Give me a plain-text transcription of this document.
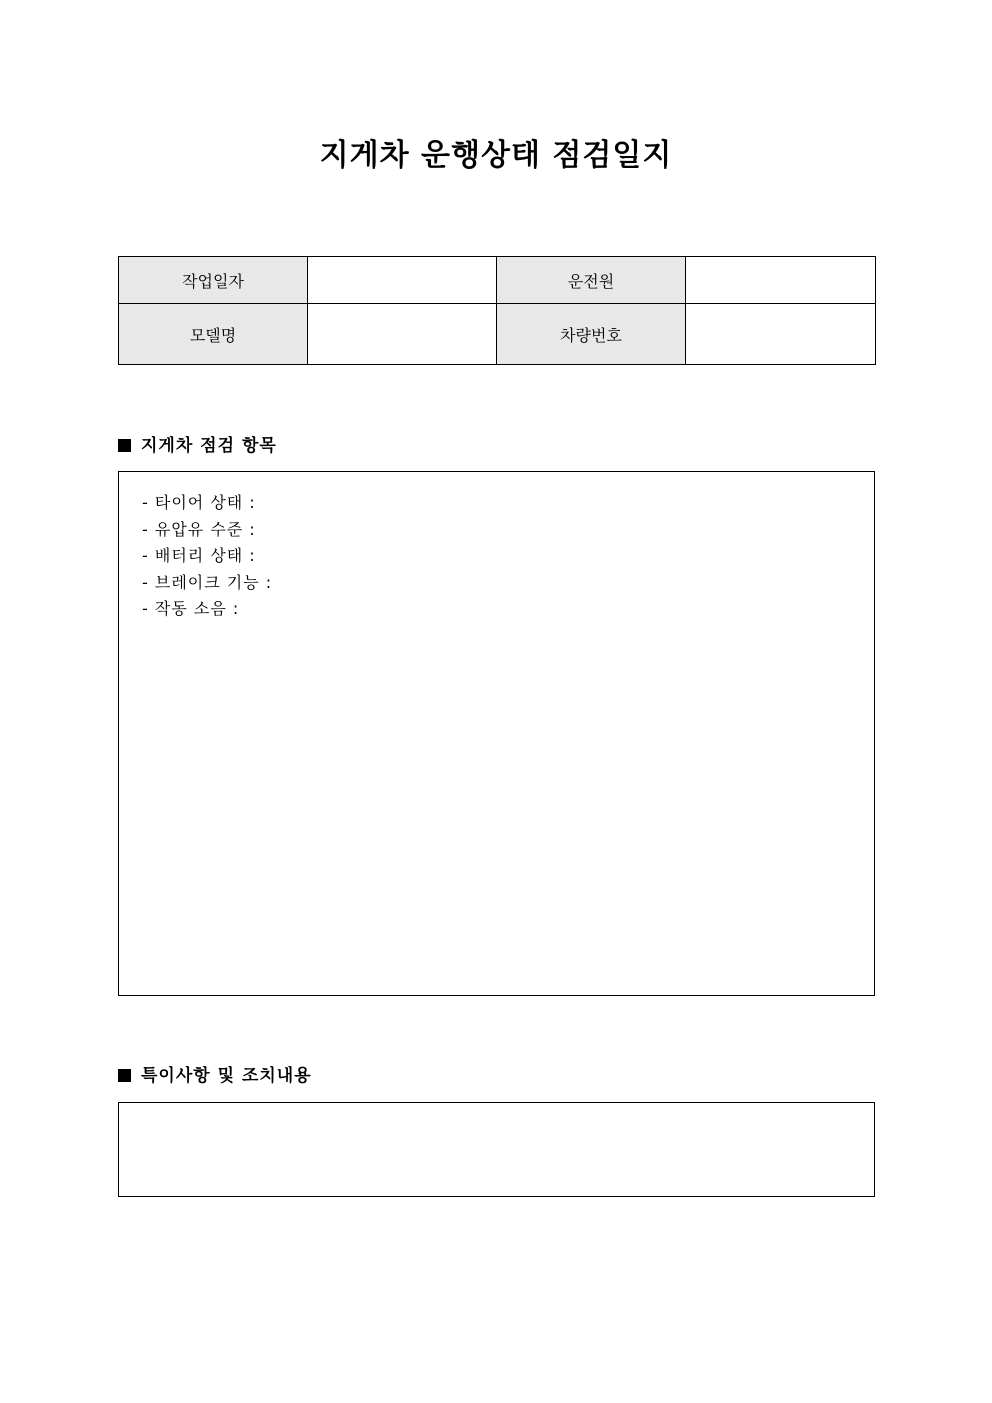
지게차 운행상태 점검일지
작업일자		운전원	
모델명		차량번호	
지게차 점검 항목
- 타이어 상태 :
- 유압유 수준 :
- 배터리 상태 :
- 브레이크 기능 :
- 작동 소음 :
특이사항 및 조치내용
